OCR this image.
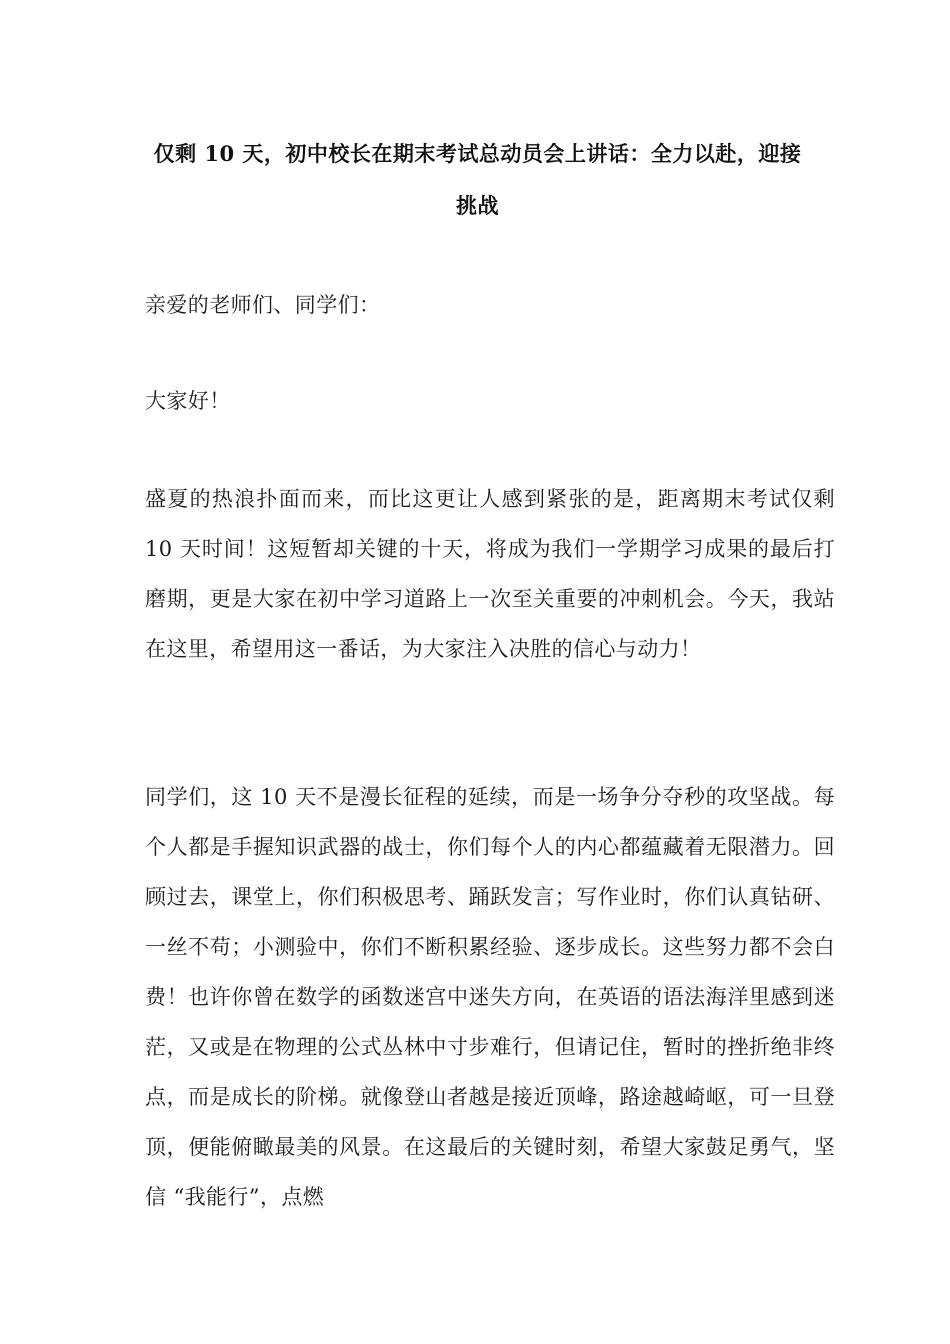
仅剩 10 天，初中校长在期末考试总动员会上讲话：全力以赴，迎接挑战

亲爱的老师们、同学们：

大家好！

盛夏的热浪扑面而来，而比这更让人感到紧张的是，距离期末考试仅剩 10 天时间！这短暂却关键的十天，将成为我们一学期学习成果的最后打磨期，更是大家在初中学习道路上一次至关重要的冲刺机会。今天，我站在这里，希望用这一番话，为大家注入决胜的信心与动力！

同学们，这 10 天不是漫长征程的延续，而是一场争分夺秒的攻坚战。每个人都是手握知识武器的战士，你们每个人的内心都蕴藏着无限潜力。回顾过去，课堂上，你们积极思考、踊跃发言；写作业时，你们认真钻研、一丝不苟；小测验中，你们不断积累经验、逐步成长。这些努力都不会白费！也许你曾在数学的函数迷宫中迷失方向，在英语的语法海洋里感到迷茫，又或是在物理的公式丛林中寸步难行，但请记住，暂时的挫折绝非终点，而是成长的阶梯。就像登山者越是接近顶峰，路途越崎岖，可一旦登顶，便能俯瞰最美的风景。在这最后的关键时刻，希望大家鼓足勇气，坚信 “我能行”，点燃
